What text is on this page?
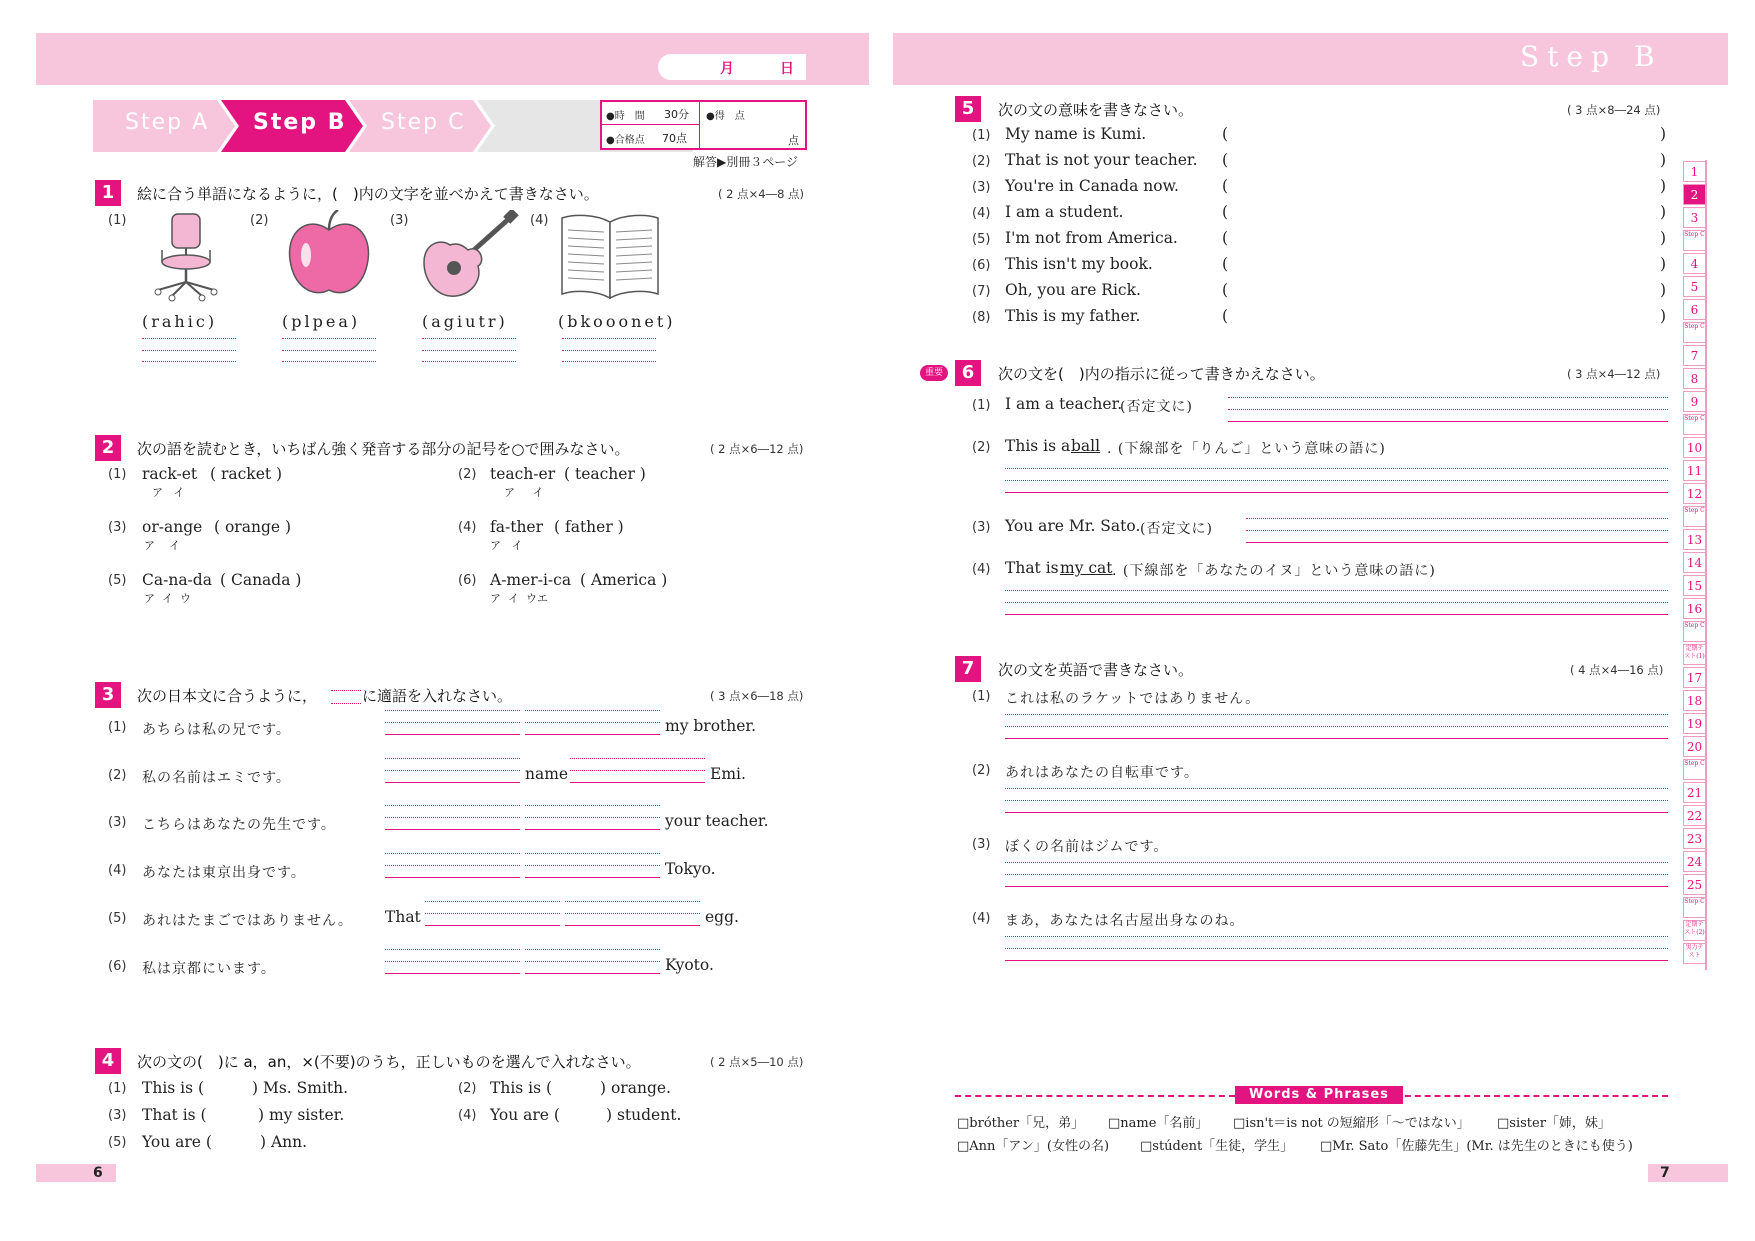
月	日
Step A Step B Step C	●時　間 30分
●合格点 70点
●得　点
点
解答▶別冊３ページ
1	絵に合う単語になるように，(　)内の文字を並べかえて書きなさい。	( 2 点×4―8 点)
(1)
(rahic)
(2)
(plpea)
(3)
(agiutr)
(4)
(bkooonet)
2	次の語を読むとき，いちばん強く発音する部分の記号を○で囲みなさい。	( 2 点×6―12 点)
(1) rack-et ( racket )
ア   イ
(2) teach-er ( teacher )
ア     イ
(3) or-ange ( orange )
ア    イ
(4) fa-ther ( father )
ア   イ
(5) Ca-na-da ( Canada )
ア  イ  ウ
(6) A-mer-i-ca ( America )
ア  イ  ウエ
3	次の日本文に合うように，	に適語を入れなさい。	( 3 点×6―18 点)
(1) あちらは私の兄です。	my brother.
(2) 私の名前はエミです。	name	Emi.
(3) こちらはあなたの先生です。	your teacher.
(4) あなたは東京出身です。	Tokyo.
(5) あれはたまごではありません。 That	egg.
(6) 私は京都にいます。	Kyoto.
4	次の文の(　)に a，an，×(不要)のうち，正しいものを選んで入れなさい。	( 2 点×5―10 点)
(1) This is (	) Ms. Smith.	(2) This is (	) orange.
(3) That is (	) my sister.	(4) You are (	) student.
(5) You are (	) Ann.
6
Step B
5	次の文の意味を書きなさい。	( 3 点×8―24 点)
(1) My name is Kumi.	(	)
(2) That is not your teacher. (	)
(3) You're in Canada now.	(	)
(4) I am a student.	(	)
(5) I'm not from America.	(	)
(6) This isn't my book.	(	)
(7) Oh, you are Rick.	(	)
(8) This is my father.	(	)
重要	6	次の文を(　)内の指示に従って書きかえなさい。	( 3 点×4―12 点)
(1) I am a teacher.
(否定文に)
(2) This is a ball . (下線部を「りんご」という意味の語に)
(3) You are Mr. Sato. (否定文に)
(4) That is my cat . (下線部を「あなたのイヌ」という意味の語に)
7	次の文を英語で書きなさい。	( 4 点×4―16 点)
(1) これは私のラケットではありません。
(2) あれはあなたの自転車です。
(3) ぼくの名前はジムです。
(4) まあ，あなたは名古屋出身なのね。
Words & Phrases
□bróther「兄，弟」 □name「名前」 □isn't＝is not の短縮形「～ではない」 □sister「姉，妹」
□Ann「アン」(女性の名) □stúdent「生徒，学生」 □Mr. Sato「佐藤先生」(Mr. は先生のときにも使う)
7
1
2
3
Step C
4
5
6
Step C
7
8
9
Step C
10
11
12
Step C
13
14
15
16
Step C
定期テスト(1)
17
18
19
20
Step C
21
22
23
24
25
Step C
定期テスト(2)
実力テスト
